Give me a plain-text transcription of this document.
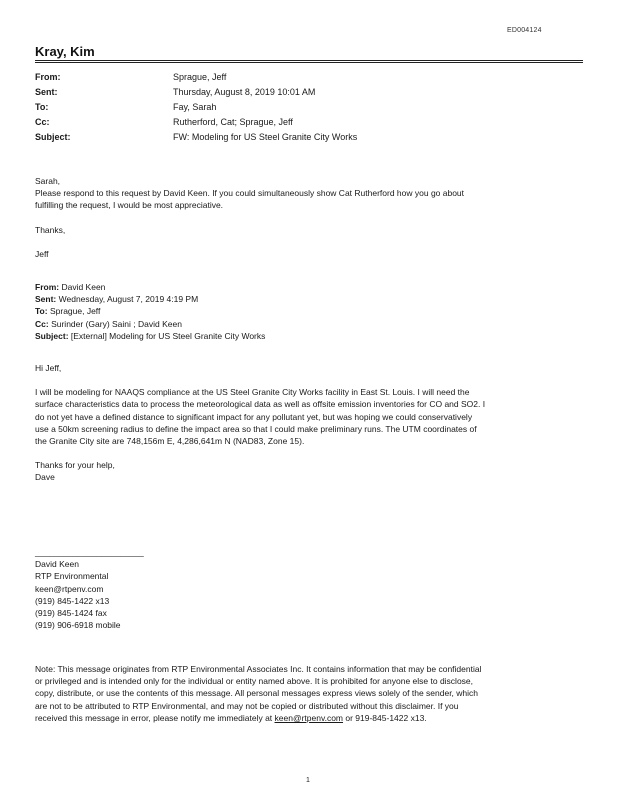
ED004124
Kray, Kim
From:	Sprague, Jeff
Sent:	Thursday, August 8, 2019 10:01 AM
To:	Fay, Sarah
Cc:	Rutherford, Cat; Sprague, Jeff
Subject:	FW: Modeling for US Steel Granite City Works
Sarah,
Please respond to this request by David Keen. If you could simultaneously show Cat Rutherford how you go about
fulfilling the request, I would be most appreciative.
Thanks,
Jeff
From: David Keen
Sent: Wednesday, August 7, 2019 4:19 PM
To: Sprague, Jeff
Cc: Surinder (Gary) Saini ; David Keen
Subject: [External] Modeling for US Steel Granite City Works
Hi Jeff,
I will be modeling for NAAQS compliance at the US Steel Granite City Works facility in East St. Louis. I will need the
surface characteristics data to process the meteorological data as well as offsite emission inventories for CO and SO2. I
do not yet have a defined distance to significant impact for any pollutant yet, but was hoping we could conservatively
use a 50km screening radius to define the impact area so that I could make preliminary runs. The UTM coordinates of
the Granite City site are 748,156m E, 4,286,641m N (NAD83, Zone 15).
Thanks for your help,
Dave
_______________________
David Keen
RTP Environmental
keen@rtpenv.com
(919) 845-1422 x13
(919) 845-1424 fax
(919) 906-6918 mobile
Note: This message originates from RTP Environmental Associates Inc. It contains information that may be confidential
or privileged and is intended only for the individual or entity named above. It is prohibited for anyone else to disclose,
copy, distribute, or use the contents of this message. All personal messages express views solely of the sender, which
are not to be attributed to RTP Environmental, and may not be copied or distributed without this disclaimer. If you
received this message in error, please notify me immediately at keen@rtpenv.com or 919-845-1422 x13.
1
